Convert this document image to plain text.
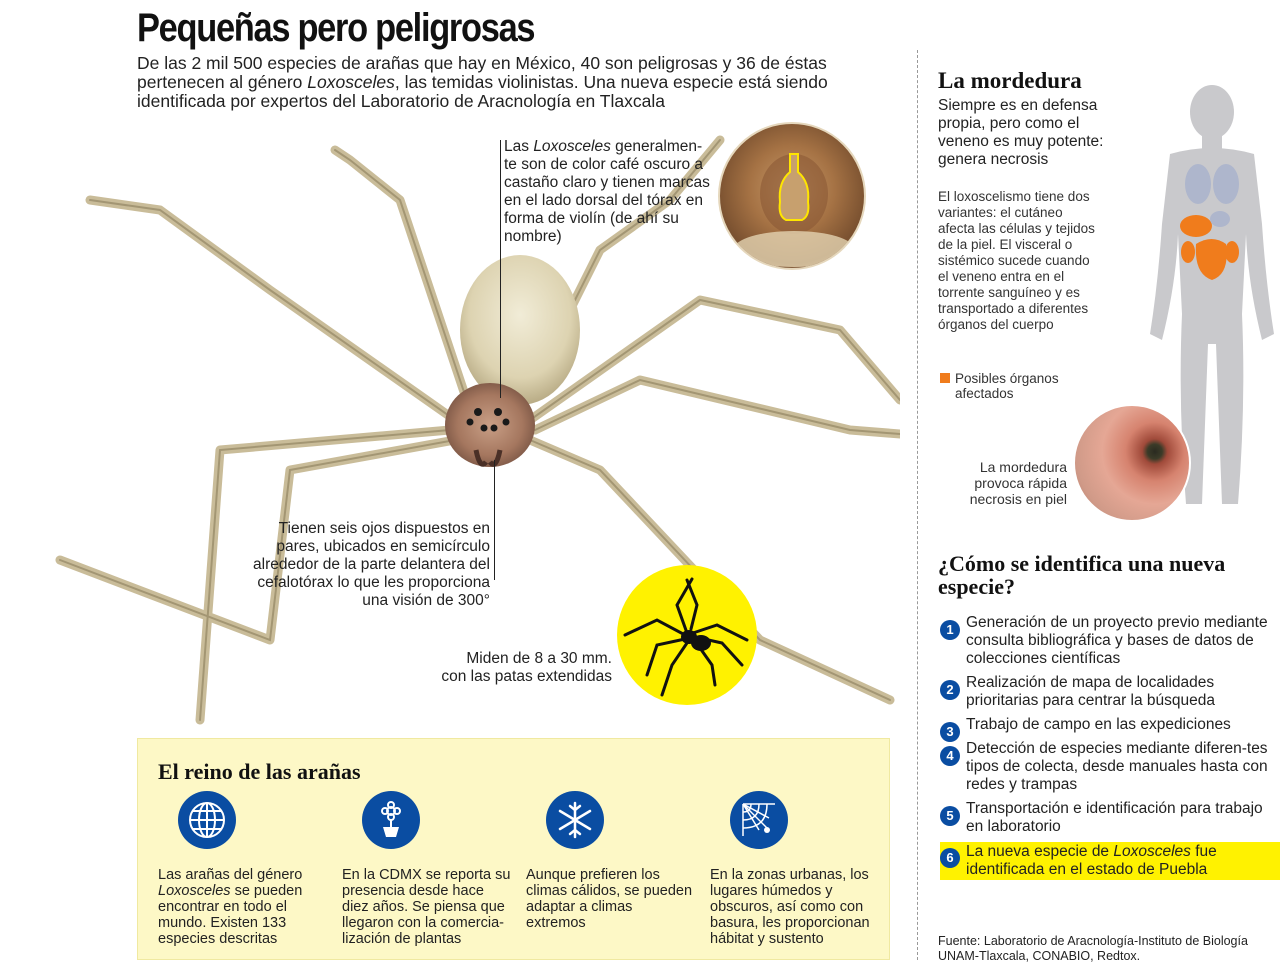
Pequeñas pero peligrosas

De las 2 mil 500 especies de arañas que hay en México, 40 son peligrosas y 36 de éstas pertenecen al género Loxosceles, las temidas violinistas. Una nueva especie está siendo identificada por expertos del Laboratorio de Aracnología en Tlaxcala

Las Loxosceles generalmen-te son de color café oscuro a castaño claro y tienen marcas en el lado dorsal del tórax en forma de violín (de ahí su nombre)

Tienen seis ojos dispuestos en pares, ubicados en semicírculo alrededor de la parte delantera del cefalotórax lo que les proporciona una visión de 300°

Miden de 8 a 30 mm. con las patas extendidas

El reino de las arañas

Las arañas del género Loxosceles se pueden encontrar en todo el mundo. Existen 133 especies descritas

En la CDMX se reporta su presencia desde hace diez años. Se piensa que llegaron con la comercia-lización de plantas

Aunque prefieren los climas cálidos, se pueden adaptar a climas extremos

En la zonas urbanas, los lugares húmedos y obscuros, así como con basura, les proporcionan hábitat y sustento

La mordedura

Siempre es en defensa propia, pero como el veneno es muy potente: genera necrosis

El loxoscelismo tiene dos variantes: el cutáneo afecta las células y tejidos de la piel. El visceral o sistémico sucede cuando el veneno entra en el torrente sanguíneo y es transportado a diferentes órganos del cuerpo

Posibles órganos afectados

La mordedura provoca rápida necrosis en piel

¿Cómo se identifica una nueva especie?
1 Generación de un proyecto previo mediante consulta bibliográfica y bases de datos de colecciones científicas
2 Realización de mapa de localidades prioritarias para centrar la búsqueda
3 Trabajo de campo en las expediciones
4 Detección de especies mediante diferen-tes tipos de colecta, desde manuales hasta con redes y trampas
5 Transportación e identificación para trabajo en laboratorio
6 La nueva especie de Loxosceles fue identificada en el estado de Puebla

Fuente: Laboratorio de Aracnología-Instituto de Biología UNAM-Tlaxcala, CONABIO, Redtox.
